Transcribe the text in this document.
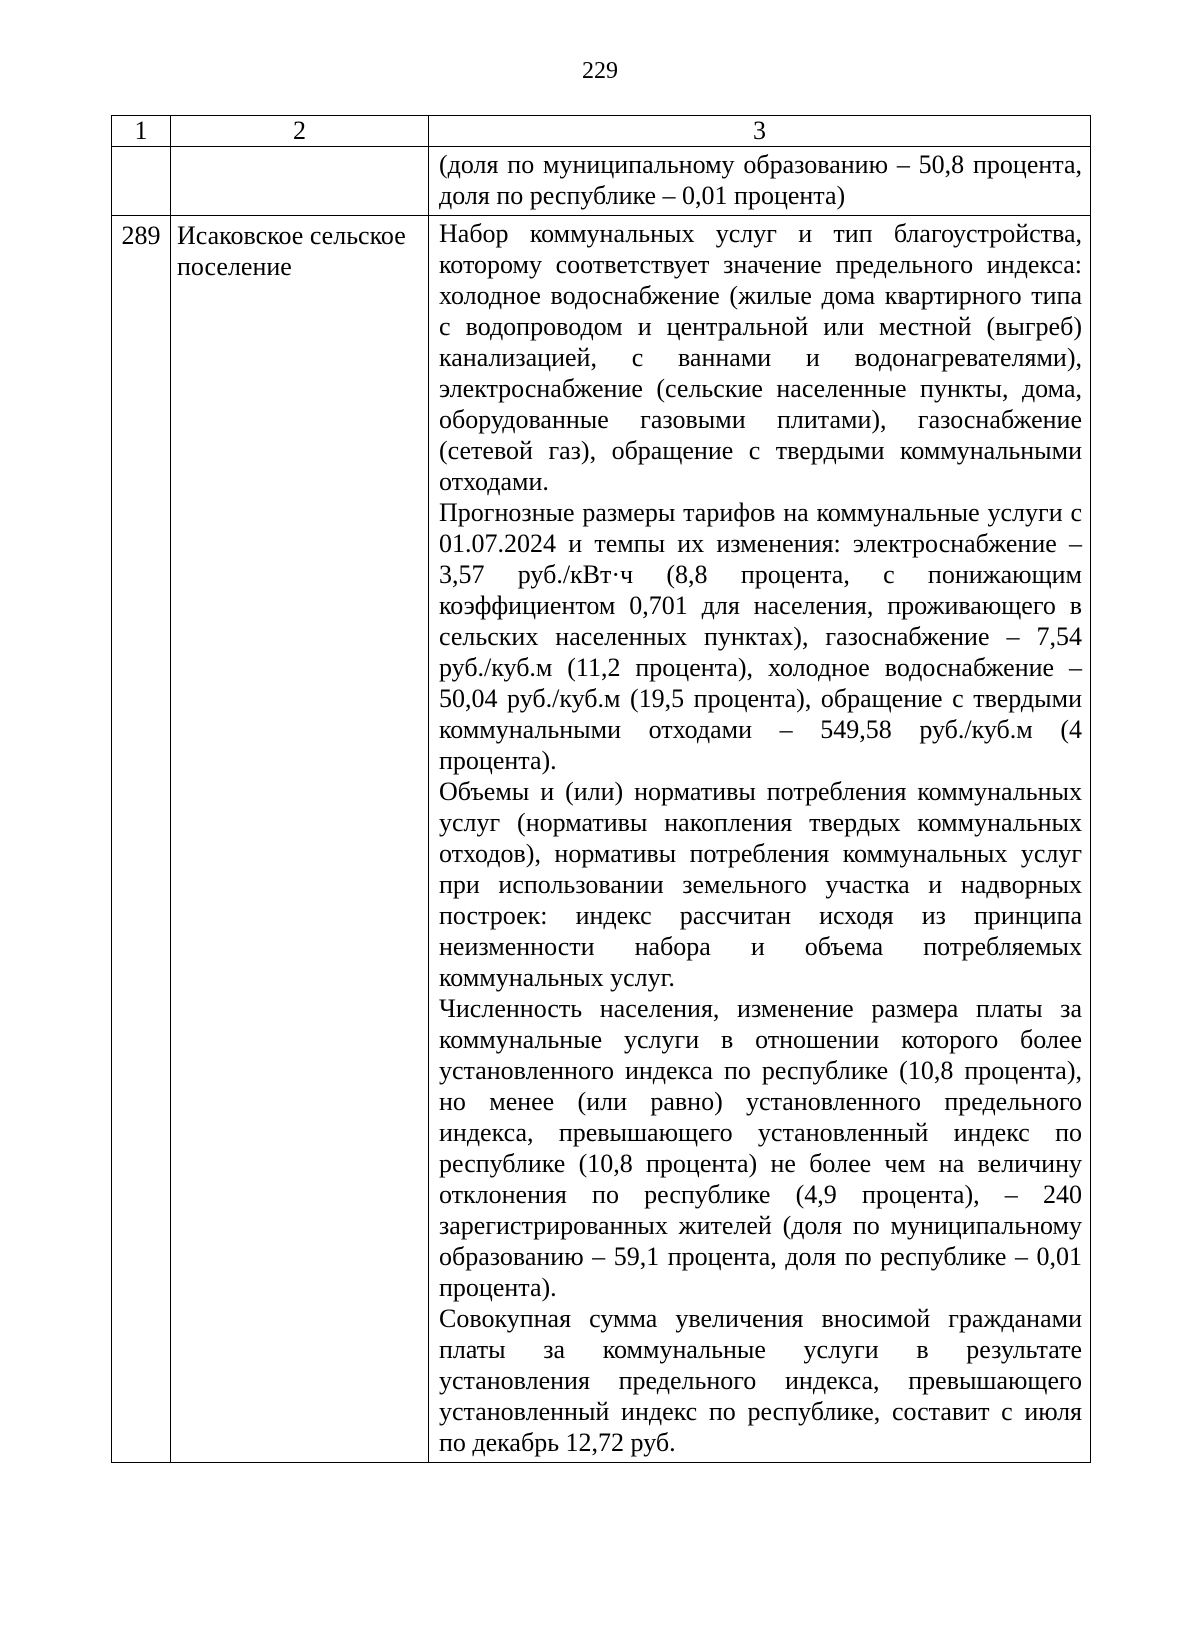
229
1	2	3

		(доля по муниципальному образованию – 50,8 процента, доля по республике – 0,01 процента)

289	Исаковское сельское поселение	Набор коммунальных услуг и тип благоустройства, которому соответствует значение предельного индекса: холодное водоснабжение (жилые дома квартирного типа с водопроводом и центральной или местной (выгреб) канализацией, с ваннами и водонагревателями), электроснабжение (сельские населенные пункты, дома, оборудованные газовыми плитами), газоснабжение (сетевой газ), обращение с твердыми коммунальными отходами.

Прогнозные размеры тарифов на коммунальные услуги с 01.07.2024 и темпы их изменения: электроснабжение – 3,57 руб./кВт·ч (8,8 процента, с понижающим коэффициентом 0,701 для населения, проживающего в сельских населенных пунктах), газоснабжение – 7,54 руб./куб.м (11,2 процента), холодное водоснабжение – 50,04 руб./куб.м (19,5 процента), обращение с твердыми коммунальными отходами – 549,58 руб./куб.м (4 процента).

Объемы и (или) нормативы потребления коммунальных услуг (нормативы накопления твердых коммунальных отходов), нормативы потребления коммунальных услуг при использовании земельного участка и надворных построек: индекс рассчитан исходя из принципа неизменности набора и объема потребляемых коммунальных услуг.

Численность населения, изменение размера платы за коммунальные услуги в отношении которого более установленного индекса по республике (10,8 процента), но менее (или равно) установленного предельного индекса, превышающего установленный индекс по республике (10,8 процента) не более чем на величину отклонения по республике (4,9 процента), – 240 зарегистрированных жителей (доля по муниципальному образованию – 59,1 процента, доля по республике – 0,01 процента).

Совокупная сумма увеличения вносимой гражданами платы за коммунальные услуги в результате установления предельного индекса, превышающего установленный индекс по республике, составит с июля по декабрь 12,72 руб.
